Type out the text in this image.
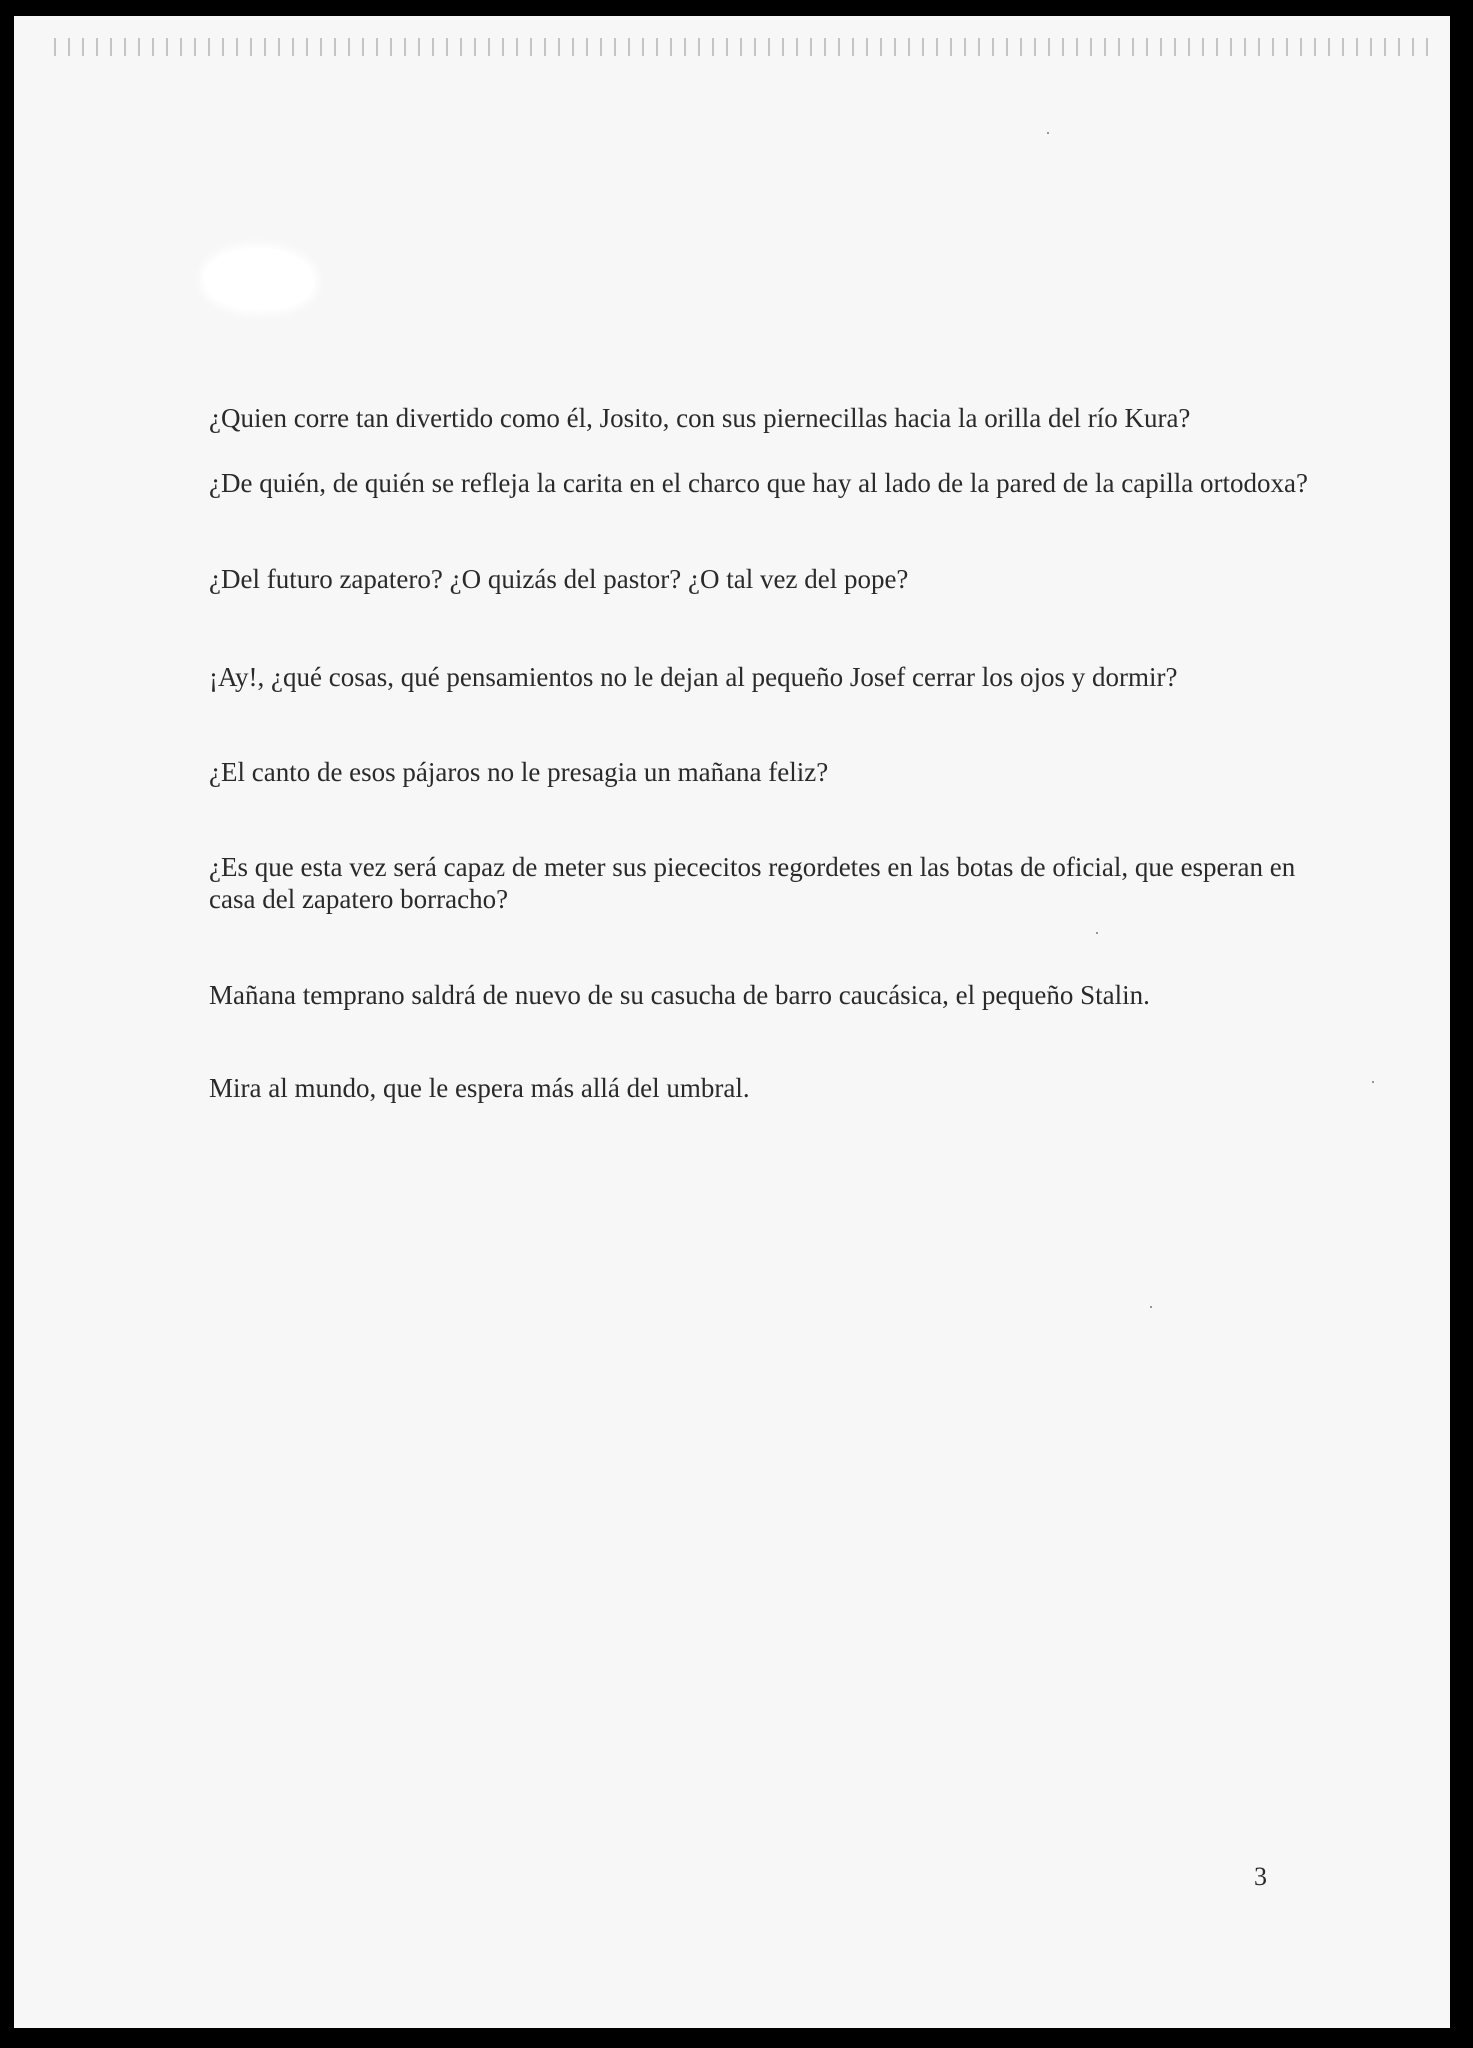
¿Quien corre tan divertido como él, Josito, con sus piernecillas hacia la orilla del río Kura?

¿De quién, de quién se refleja la carita en el charco que hay al lado de la pared de la capilla ortodoxa?

¿Del futuro zapatero? ¿O quizás del pastor? ¿O tal vez del pope?

¡Ay!, ¿qué cosas, qué pensamientos no le dejan al pequeño Josef cerrar los ojos y dormir?

¿El canto de esos pájaros no le presagia un mañana feliz?

¿Es que esta vez será capaz de meter sus piececitos regordetes en las botas de oficial, que esperan en casa del zapatero borracho?

Mañana temprano saldrá de nuevo de su casucha de barro caucásica, el pequeño Stalin.

Mira al mundo, que le espera más allá del umbral.

3
